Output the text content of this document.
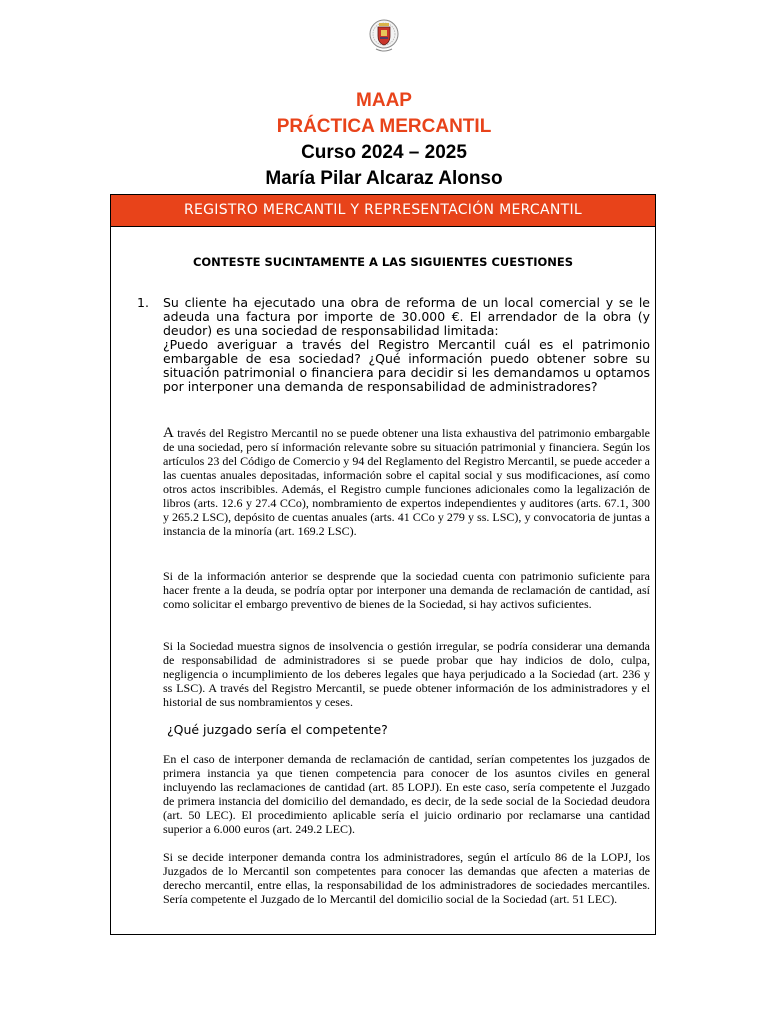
MAAP
PRÁCTICA MERCANTIL
Curso 2024 – 2025
María Pilar Alcaraz Alonso
REGISTRO MERCANTIL Y REPRESENTACIÓN MERCANTIL
CONTESTE SUCINTAMENTE A LAS SIGUIENTES CUESTIONES
1.	Su cliente ha ejecutado una obra de reforma de un local comercial y se le adeuda una factura por importe de 30.000 €. El arrendador de la obra (y deudor) es una sociedad de responsabilidad limitada:

¿Puedo averiguar a través del Registro Mercantil cuál es el patrimonio embargable de esa sociedad? ¿Qué información puedo obtener sobre su situación patrimonial o financiera para decidir si les demandamos u optamos por interponer una demanda de responsabilidad de administradores?

A través del Registro Mercantil no se puede obtener una lista exhaustiva del patrimonio embargable de una sociedad, pero sí información relevante sobre su situación patrimonial y financiera. Según los artículos 23 del Código de Comercio y 94 del Reglamento del Registro Mercantil, se puede acceder a las cuentas anuales depositadas, información sobre el capital social y sus modificaciones, así como otros actos inscribibles. Además, el Registro cumple funciones adicionales como la legalización de libros (arts. 12.6 y 27.4 CCo), nombramiento de expertos independientes y auditores (arts. 67.1, 300 y 265.2 LSC), depósito de cuentas anuales (arts. 41 CCo y 279 y ss. LSC), y convocatoria de juntas a instancia de la minoría (art. 169.2 LSC).

Si de la información anterior se desprende que la sociedad cuenta con patrimonio suficiente para hacer frente a la deuda, se podría optar por interponer una demanda de reclamación de cantidad, así como solicitar el embargo preventivo de bienes de la Sociedad, si hay activos suficientes.

Si la Sociedad muestra signos de insolvencia o gestión irregular, se podría considerar una demanda de responsabilidad de administradores si se puede probar que hay indicios de dolo, culpa, negligencia o incumplimiento de los deberes legales que haya perjudicado a la Sociedad (art. 236 y ss LSC). A través del Registro Mercantil, se puede obtener información de los administradores y el historial de sus nombramientos y ceses.

¿Qué juzgado sería el competente?

En el caso de interponer demanda de reclamación de cantidad, serían competentes los juzgados de primera instancia ya que tienen competencia para conocer de los asuntos civiles en general incluyendo las reclamaciones de cantidad (art. 85 LOPJ). En este caso, sería competente el Juzgado de primera instancia del domicilio del demandado, es decir, de la sede social de la Sociedad deudora (art. 50 LEC). El procedimiento aplicable sería el juicio ordinario por reclamarse una cantidad superior a 6.000 euros (art. 249.2 LEC).

Si se decide interponer demanda contra los administradores, según el artículo 86 de la LOPJ, los Juzgados de lo Mercantil son competentes para conocer las demandas que afecten a materias de derecho mercantil, entre ellas, la responsabilidad de los administradores de sociedades mercantiles. Sería competente el Juzgado de lo Mercantil del domicilio social de la Sociedad (art. 51 LEC).
